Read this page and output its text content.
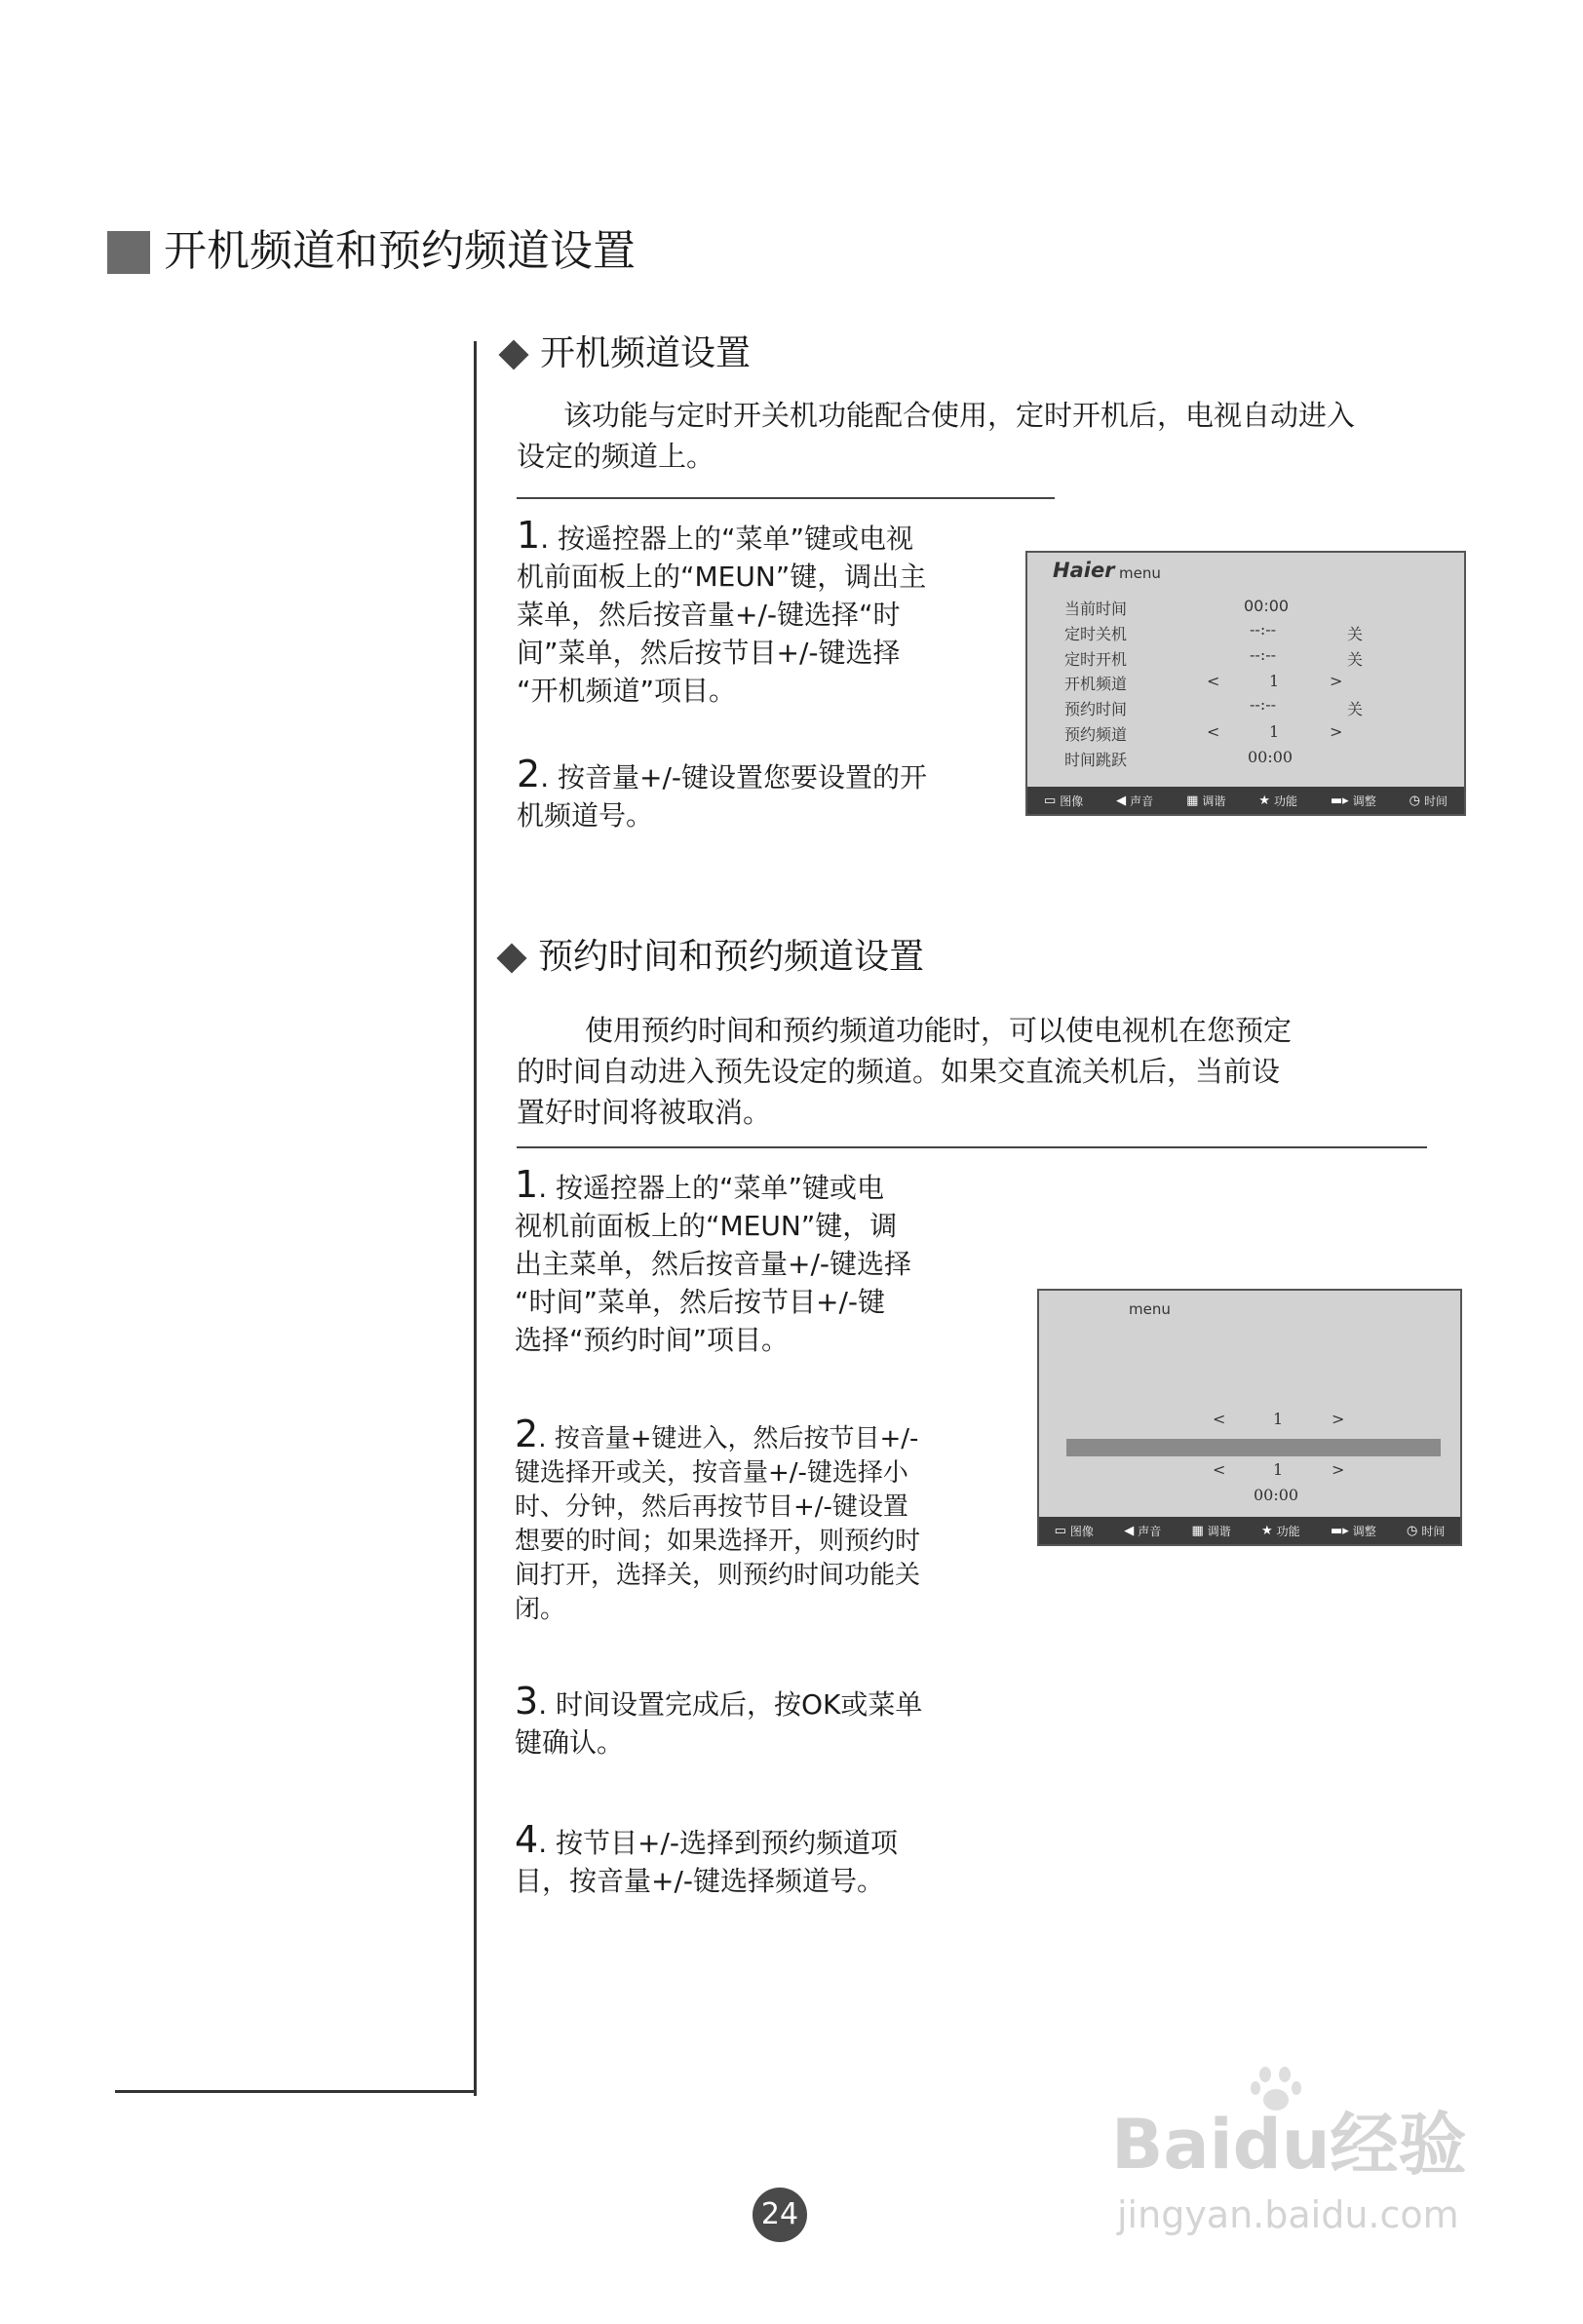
开机频道和预约频道设置
开机频道设置
该功能与定时开关机功能配合使用，定时开机后，电视自动进入
设定的频道上。
1. 按遥控器上的“菜单”键或电视
机前面板上的“MEUN”键，调出主
菜单，然后按音量+/-键选择“时
间”菜单，然后按节目+/-键选择
“开机频道”项目。
2. 按音量+/-键设置您要设置的开
机频道号。
Haier menu
当前时间	00:00
定时关机	--:--	关
定时开机	--:--	关
开机频道	<	1	>
预约时间	--:--	关
预约频道	<	1	>
时间跳跃	00:00
▭ 图像	◀ 声音	▦ 调谐	★ 功能	▬▸ 调整	◷ 时间
预约时间和预约频道设置
使用预约时间和预约频道功能时，可以使电视机在您预定
的时间自动进入预先设定的频道。如果交直流关机后，当前设
置好时间将被取消。
1. 按遥控器上的“菜单”键或电
视机前面板上的“MEUN”键，调
出主菜单，然后按音量+/-键选择
“时间”菜单，然后按节目+/-键
选择“预约时间”项目。
2. 按音量+键进入，然后按节目+/-
键选择开或关，按音量+/-键选择小
时、分钟，然后再按节目+/-键设置
想要的时间；如果选择开，则预约时
间打开，选择关，则预约时间功能关
闭。
3. 时间设置完成后，按OK或菜单
键确认。
4. 按节目+/-选择到预约频道项
目，按音量+/-键选择频道号。
menu
<	1	>
<	1	>
00:00
▭ 图像 ◀ 声音 ▦ 调谐 ★ 功能 ▬▸ 调整 ◷ 时间
24
Baidu经验
jingyan.baidu.com
